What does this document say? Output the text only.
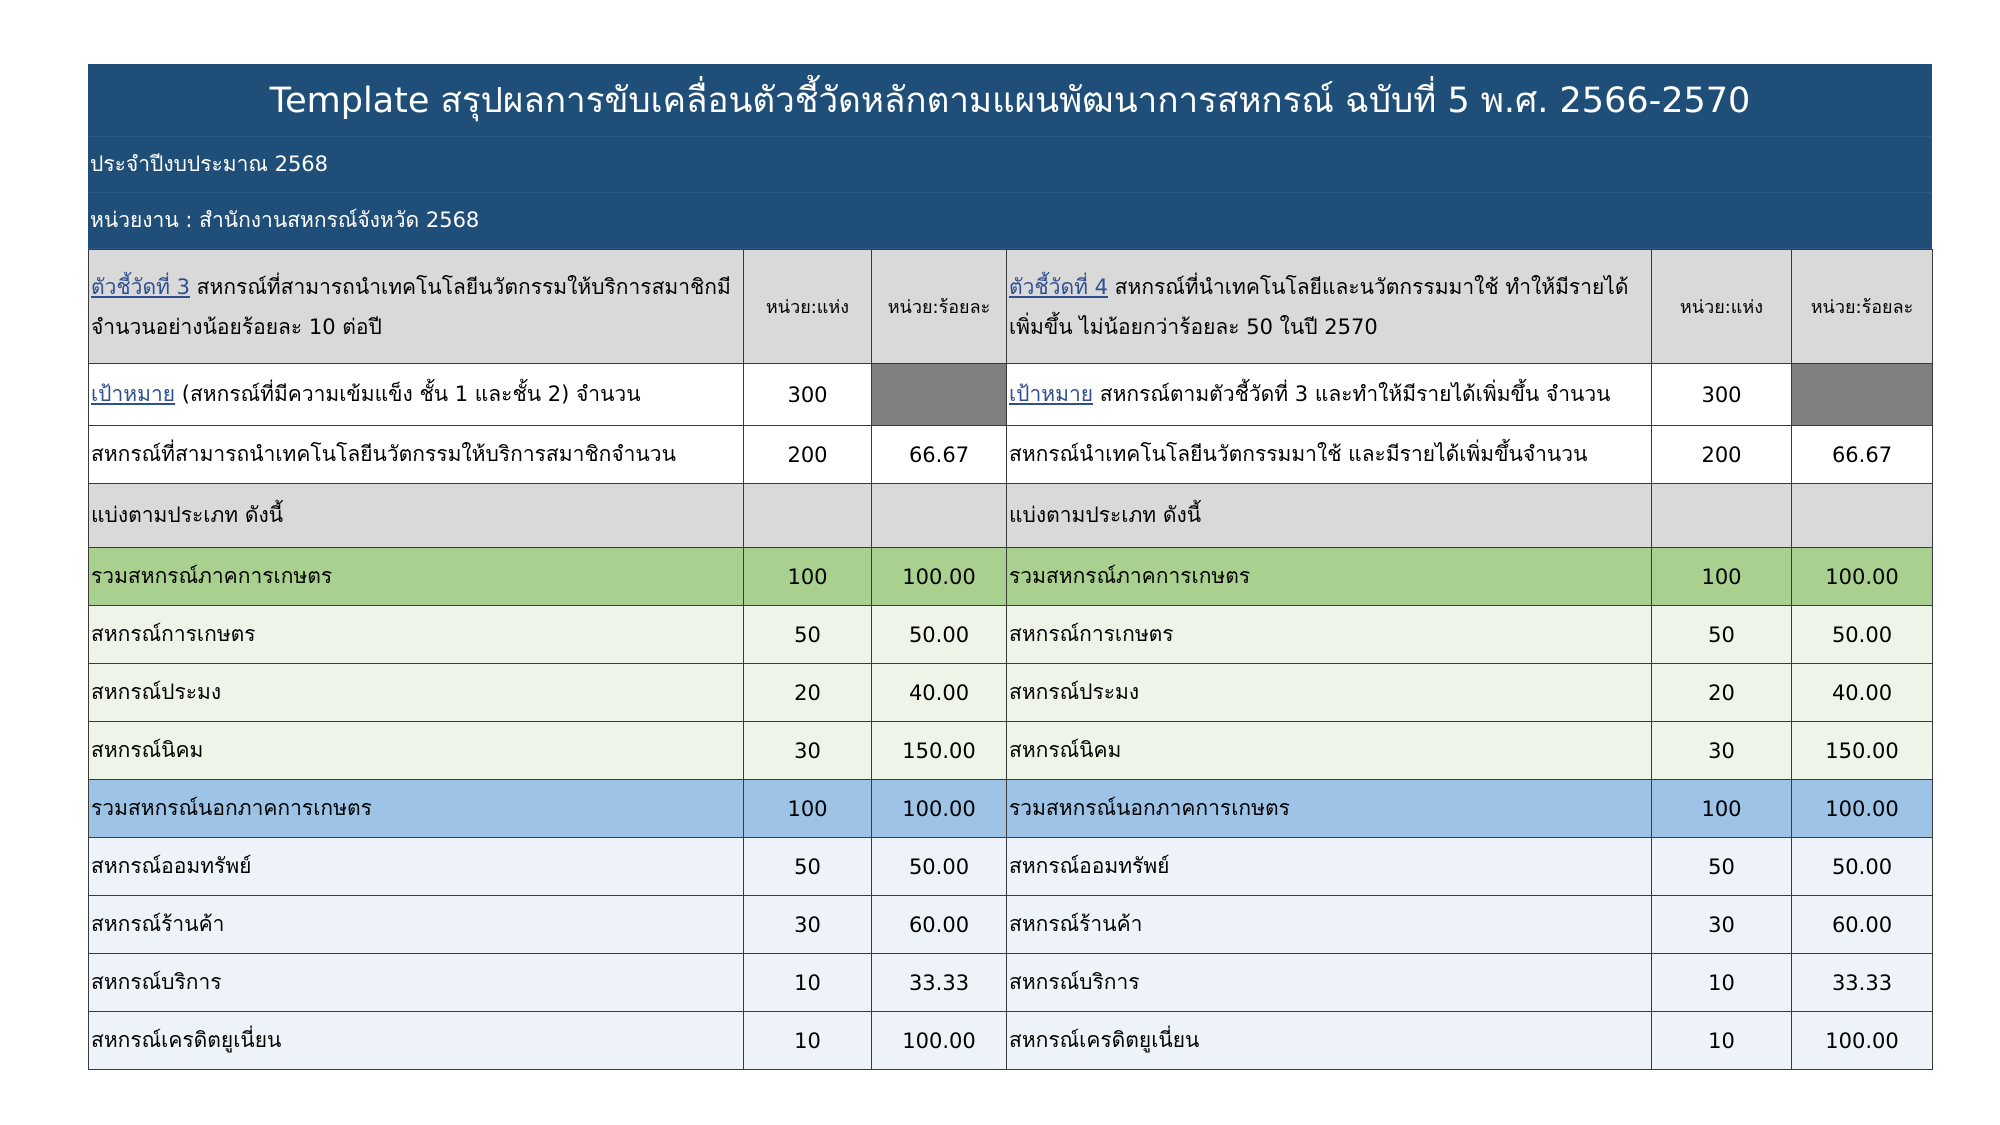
Template สรุปผลการขับเคลื่อนตัวชี้วัดหลักตามแผนพัฒนาการสหกรณ์ ฉบับที่ 5 พ.ศ. 2566-2570
ประจำปีงบประมาณ 2568
หน่วยงาน : สำนักงานสหกรณ์จังหวัด 2568
ตัวชี้วัดที่ 3 สหกรณ์ที่สามารถนำเทคโนโลยีนวัตกรรมให้บริการสมาชิกมีจำนวนอย่างน้อยร้อยละ 10 ต่อปี	หน่วย:แห่ง	หน่วย:ร้อยละ	ตัวชี้วัดที่ 4 สหกรณ์ที่นำเทคโนโลยีและนวัตกรรมมาใช้ ทำให้มีรายได้เพิ่มขึ้น ไม่น้อยกว่าร้อยละ 50 ในปี 2570	หน่วย:แห่ง	หน่วย:ร้อยละ
เป้าหมาย (สหกรณ์ที่มีความเข้มแข็ง ชั้น 1 และชั้น 2) จำนวน	300		เป้าหมาย สหกรณ์ตามตัวชี้วัดที่ 3 และทำให้มีรายได้เพิ่มขึ้น จำนวน	300	
สหกรณ์ที่สามารถนำเทคโนโลยีนวัตกรรมให้บริการสมาชิกจำนวน	200	66.67	สหกรณ์นำเทคโนโลยีนวัตกรรมมาใช้ และมีรายได้เพิ่มขึ้นจำนวน	200	66.67
แบ่งตามประเภท ดังนี้			แบ่งตามประเภท ดังนี้		
รวมสหกรณ์ภาคการเกษตร	100	100.00	รวมสหกรณ์ภาคการเกษตร	100	100.00
สหกรณ์การเกษตร	50	50.00	สหกรณ์การเกษตร	50	50.00
สหกรณ์ประมง	20	40.00	สหกรณ์ประมง	20	40.00
สหกรณ์นิคม	30	150.00	สหกรณ์นิคม	30	150.00
รวมสหกรณ์นอกภาคการเกษตร	100	100.00	รวมสหกรณ์นอกภาคการเกษตร	100	100.00
สหกรณ์ออมทรัพย์	50	50.00	สหกรณ์ออมทรัพย์	50	50.00
สหกรณ์ร้านค้า	30	60.00	สหกรณ์ร้านค้า	30	60.00
สหกรณ์บริการ	10	33.33	สหกรณ์บริการ	10	33.33
สหกรณ์เครดิตยูเนี่ยน	10	100.00	สหกรณ์เครดิตยูเนี่ยน	10	100.00
